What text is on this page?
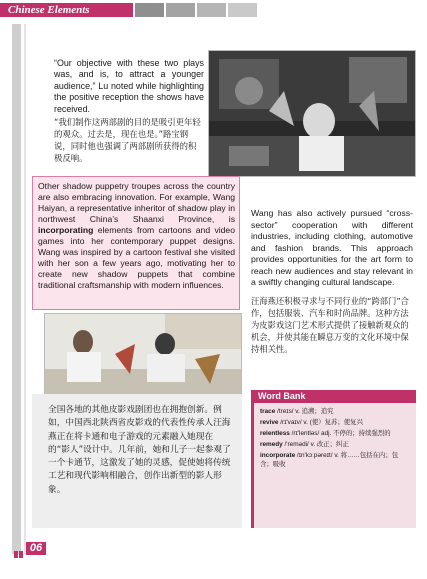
Chinese Elements

“Our objective with these two plays was, and is, to attract a younger audience,” Lu noted while highlighting the positive reception the shows have received.

“我们制作这两部剧的目的是吸引更年轻的观众。过去是，现在也是。”路宝钢说，同时他也强调了两部剧所获得的积极反响。

Other shadow puppetry troupes across the country are also embracing innovation. For example, Wang Haiyan, a representative inheritor of shadow play in northwest China’s Shaanxi Province, is incorporating elements from cartoons and video games into her contemporary puppet designs. Wang was inspired by a cartoon festival she visited with her son a few years ago, motivating her to create new shadow puppets that combine traditional craftsmanship with modern influences.

Wang has also actively pursued “cross-sector” cooperation with different industries, including clothing, automotive and fashion brands. This approach provides opportunities for the art form to reach new audiences and stay relevant in a swiftly changing cultural landscape.

汪海燕还积极寻求与不同行业的“跨部门”合作，包括服装、汽车和时尚品牌。这种方法为皮影戏这门艺术形式提供了接触新观众的机会，并使其能在瞬息万变的文化环境中保持相关性。

全国各地的其他皮影戏剧团也在拥抱创新。例如，中国西北陕西省皮影戏的代表性传承人汪海燕正在将卡通和电子游戏的元素融入她现在的“影人”设计中。几年前，她和儿子一起参观了一个卡通节，这激发了她的灵感，促使她将传统工艺和现代影响相融合，创作出新型的影人形象。

Word Bank

trace /treɪs/ v. 追溯；追究

revive /rɪ'vaɪv/ v. (使）复苏；使复兴

relentless /rɪ'lentləs/ adj. 不停的；持续强烈的

remedy /'remədi/ v. 改正；纠正

incorporate /ɪn'kɔːpəreɪt/ v. 将……包括在内；包含；吸收

06
